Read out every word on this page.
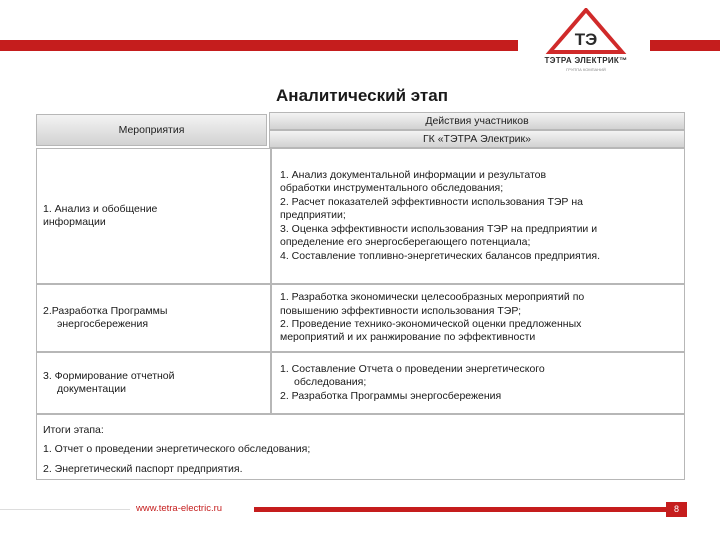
ТЭ
ТЭТРА ЭЛЕКТРИК™
ГРУППА КОМПАНИЙ
Аналитический этап
Мероприятия
Действия участников
ГК «ТЭТРА Электрик»
1. Анализ и обобщение
информации
1. Анализ документальной информации и результатов
обработки инструментального обследования;
2. Расчет показателей эффективности использования ТЭР на
предприятии;
3. Оценка эффективности использования ТЭР на предприятии и
определение его энергосберегающего потенциала;
4. Составление топливно-энергетических балансов предприятия.
2.Разработка Программы
энергосбережения
1. Разработка экономически целесообразных мероприятий по
повышению эффективности использования ТЭР;
2. Проведение технико-экономической оценки предложенных
мероприятий и их ранжирование по эффективности
3. Формирование отчетной
документации
1. Составление Отчета о проведении энергетического
обследования;
2. Разработка Программы энергосбережения
Итоги этапа:
1. Отчет о проведении энергетического обследования;
2. Энергетический паспорт предприятия.
www.tetra-electric.ru	8
